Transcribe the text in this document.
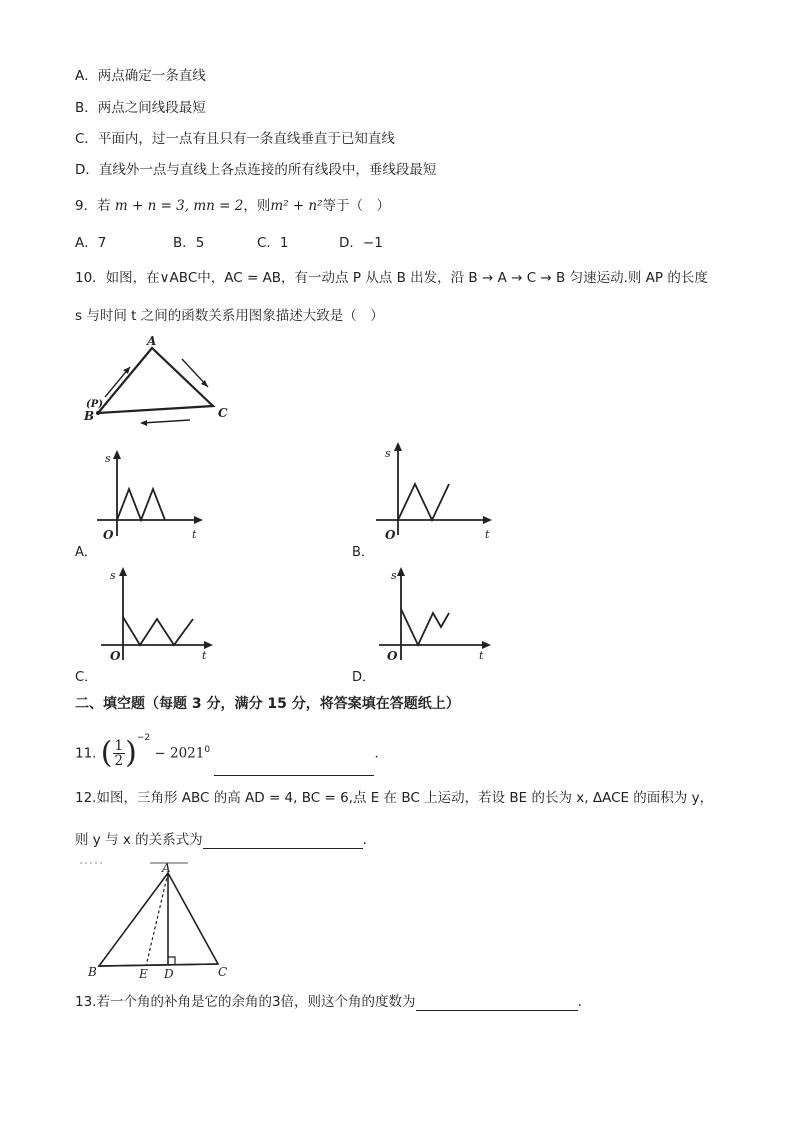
A．两点确定一条直线
B．两点之间线段最短
C．平面内，过一点有且只有一条直线垂直于已知直线
D．直线外一点与直线上各点连接的所有线段中，垂线段最短
9．若 m + n = 3, mn = 2，则m² + n²等于（　）
A．7	B．5	C．1	D．−1
10．如图，在∨ABC中，AC = AB，有一动点 P 从点 B 出发，沿 B → A → C → B 匀速运动.则 AP 的长度
s 与时间 t 之间的函数关系用图象描述大致是（　）
A
B	C
(P)
s
t
O
A．
s
t
O
B．
s
t
O
C．
s
t
O
D．
二、填空题（每题 3 分，满分 15 分，将答案填在答题纸上）
11. ( $\frac{1}{2} )^{-2} - 2021^0$	.
12.如图，三角形 ABC 的高 AD = 4, BC = 6,点 E 在 BC 上运动，若设 BE 的长为 x, ΔACE 的面积为 y，
则 y 与 x 的关系式为	.
A
B	C
D
E
13.若一个角的补角是它的余角的3倍，则这个角的度数为	.
